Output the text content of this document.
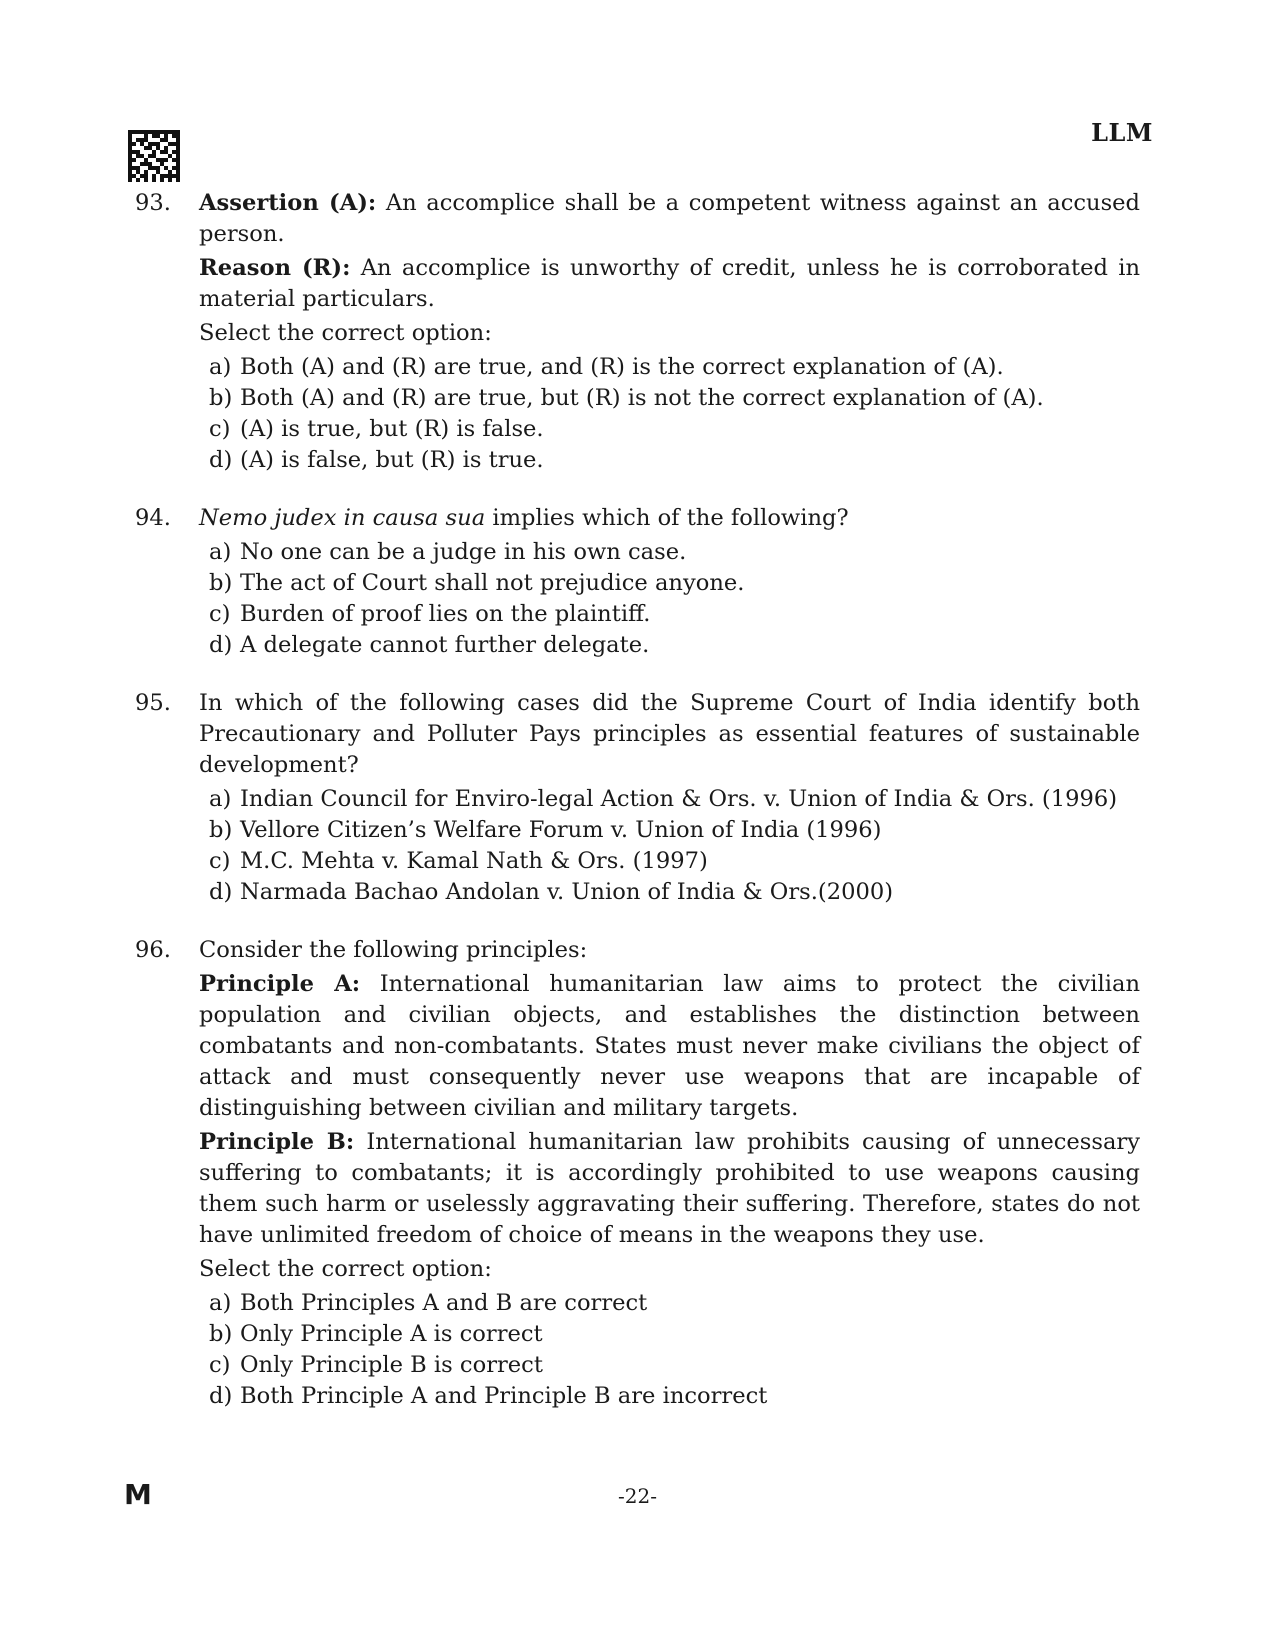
LLM
93. Assertion (A): An accomplice shall be a competent witness against an accused person.
Reason (R): An accomplice is unworthy of credit, unless he is corroborated in material particulars.
Select the correct option:
a) Both (A) and (R) are true, and (R) is the correct explanation of (A).
b) Both (A) and (R) are true, but (R) is not the correct explanation of (A).
c) (A) is true, but (R) is false.
d) (A) is false, but (R) is true.
94. Nemo judex in causa sua implies which of the following?
a) No one can be a judge in his own case.
b) The act of Court shall not prejudice anyone.
c) Burden of proof lies on the plaintiff.
d) A delegate cannot further delegate.
95. In which of the following cases did the Supreme Court of India identify both Precautionary and Polluter Pays principles as essential features of sustainable development?
a) Indian Council for Enviro-legal Action & Ors. v. Union of India & Ors. (1996)
b) Vellore Citizen’s Welfare Forum v. Union of India (1996)
c) M.C. Mehta v. Kamal Nath & Ors. (1997)
d) Narmada Bachao Andolan v. Union of India & Ors.(2000)
96. Consider the following principles:
Principle A: International humanitarian law aims to protect the civilian population and civilian objects, and establishes the distinction between combatants and non-combatants. States must never make civilians the object of attack and must consequently never use weapons that are incapable of distinguishing between civilian and military targets.
Principle B: International humanitarian law prohibits causing of unnecessary suffering to combatants; it is accordingly prohibited to use weapons causing them such harm or uselessly aggravating their suffering. Therefore, states do not have unlimited freedom of choice of means in the weapons they use.
Select the correct option:
a) Both Principles A and B are correct
b) Only Principle A is correct
c) Only Principle B is correct
d) Both Principle A and Principle B are incorrect
M	-22-
